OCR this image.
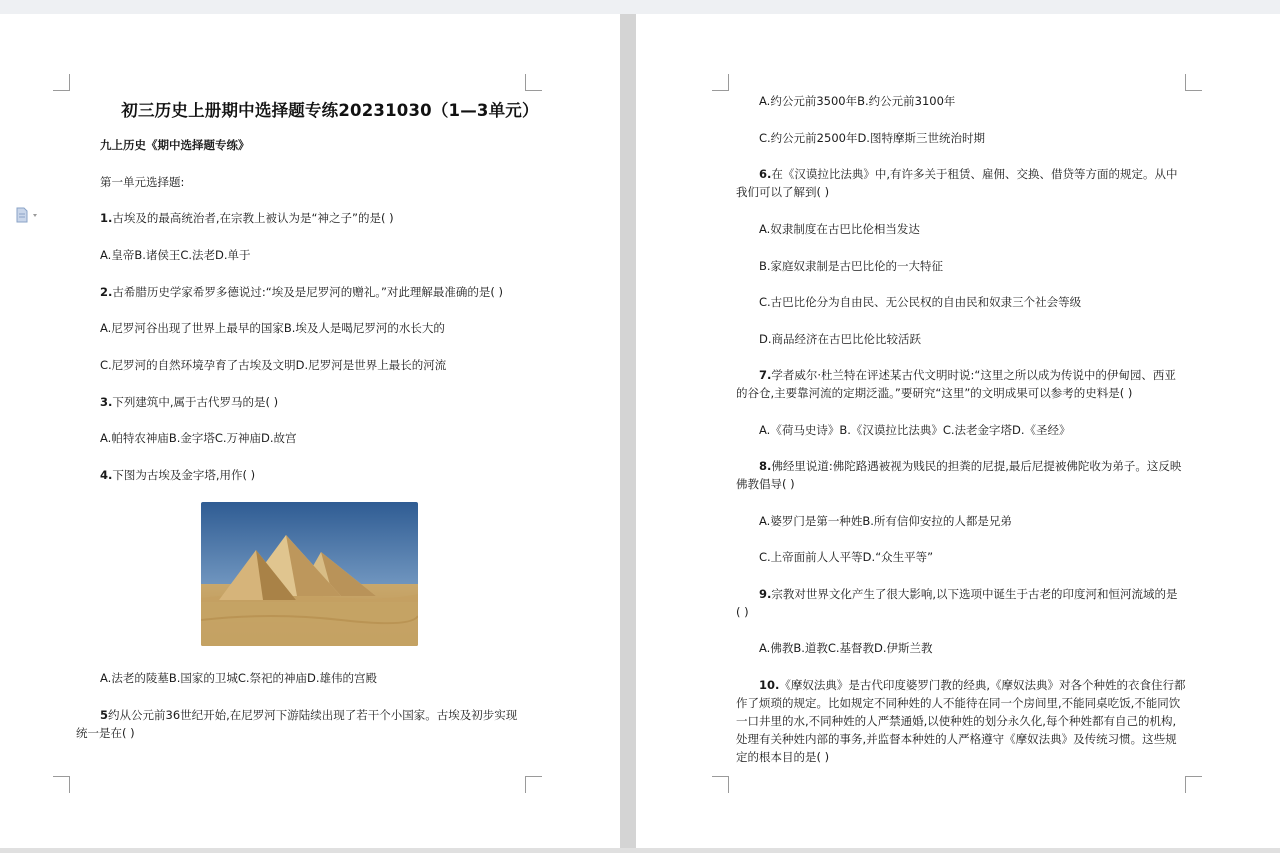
初三历史上册期中选择题专练20231030（1—3单元）
九上历史《期中选择题专练》
第一单元选择题:
1.古埃及的最高统治者,在宗教上被认为是“神之子”的是( )
A.皇帝B.诸侯王C.法老D.单于
2.古希腊历史学家希罗多德说过:“埃及是尼罗河的赠礼。”对此理解最准确的是( )
A.尼罗河谷出现了世界上最早的国家B.埃及人是喝尼罗河的水长大的
C.尼罗河的自然环境孕育了古埃及文明D.尼罗河是世界上最长的河流
3.下列建筑中,属于古代罗马的是( )
A.帕特农神庙B.金字塔C.万神庙D.故宫
4.下图为古埃及金字塔,用作( )
A.法老的陵墓B.国家的卫城C.祭祀的神庙D.雄伟的宫殿
5约从公元前36世纪开始,在尼罗河下游陆续出现了若干个小国家。古埃及初步实现
统一是在( )
A.约公元前3500年B.约公元前3100年
C.约公元前2500年D.图特摩斯三世统治时期
6.在《汉谟拉比法典》中,有许多关于租赁、雇佣、交换、借贷等方面的规定。从中
我们可以了解到( )
A.奴隶制度在古巴比伦相当发达
B.家庭奴隶制是古巴比伦的一大特征
C.古巴比伦分为自由民、无公民权的自由民和奴隶三个社会等级
D.商品经济在古巴比伦比较活跃
7.学者威尔·杜兰特在评述某古代文明时说:“这里之所以成为传说中的伊甸园、西亚
的谷仓,主要靠河流的定期泛滥。”要研究“这里”的文明成果可以参考的史料是( )
A.《荷马史诗》B.《汉谟拉比法典》C.法老金字塔D.《圣经》
8.佛经里说道:佛陀路遇被视为贱民的担粪的尼提,最后尼提被佛陀收为弟子。这反映
佛教倡导( )
A.婆罗门是第一种姓B.所有信仰安拉的人都是兄弟
C.上帝面前人人平等D.“众生平等”
9.宗教对世界文化产生了很大影响,以下选项中诞生于古老的印度河和恒河流域的是
( )
A.佛教B.道教C.基督教D.伊斯兰教
10.《摩奴法典》是古代印度婆罗门教的经典,《摩奴法典》对各个种姓的衣食住行都
作了烦琐的规定。比如规定不同种姓的人不能待在同一个房间里,不能同桌吃饭,不能同饮
一口井里的水,不同种姓的人严禁通婚,以使种姓的划分永久化,每个种姓都有自己的机构,
处理有关种姓内部的事务,并监督本种姓的人严格遵守《摩奴法典》及传统习惯。这些规
定的根本目的是( )
